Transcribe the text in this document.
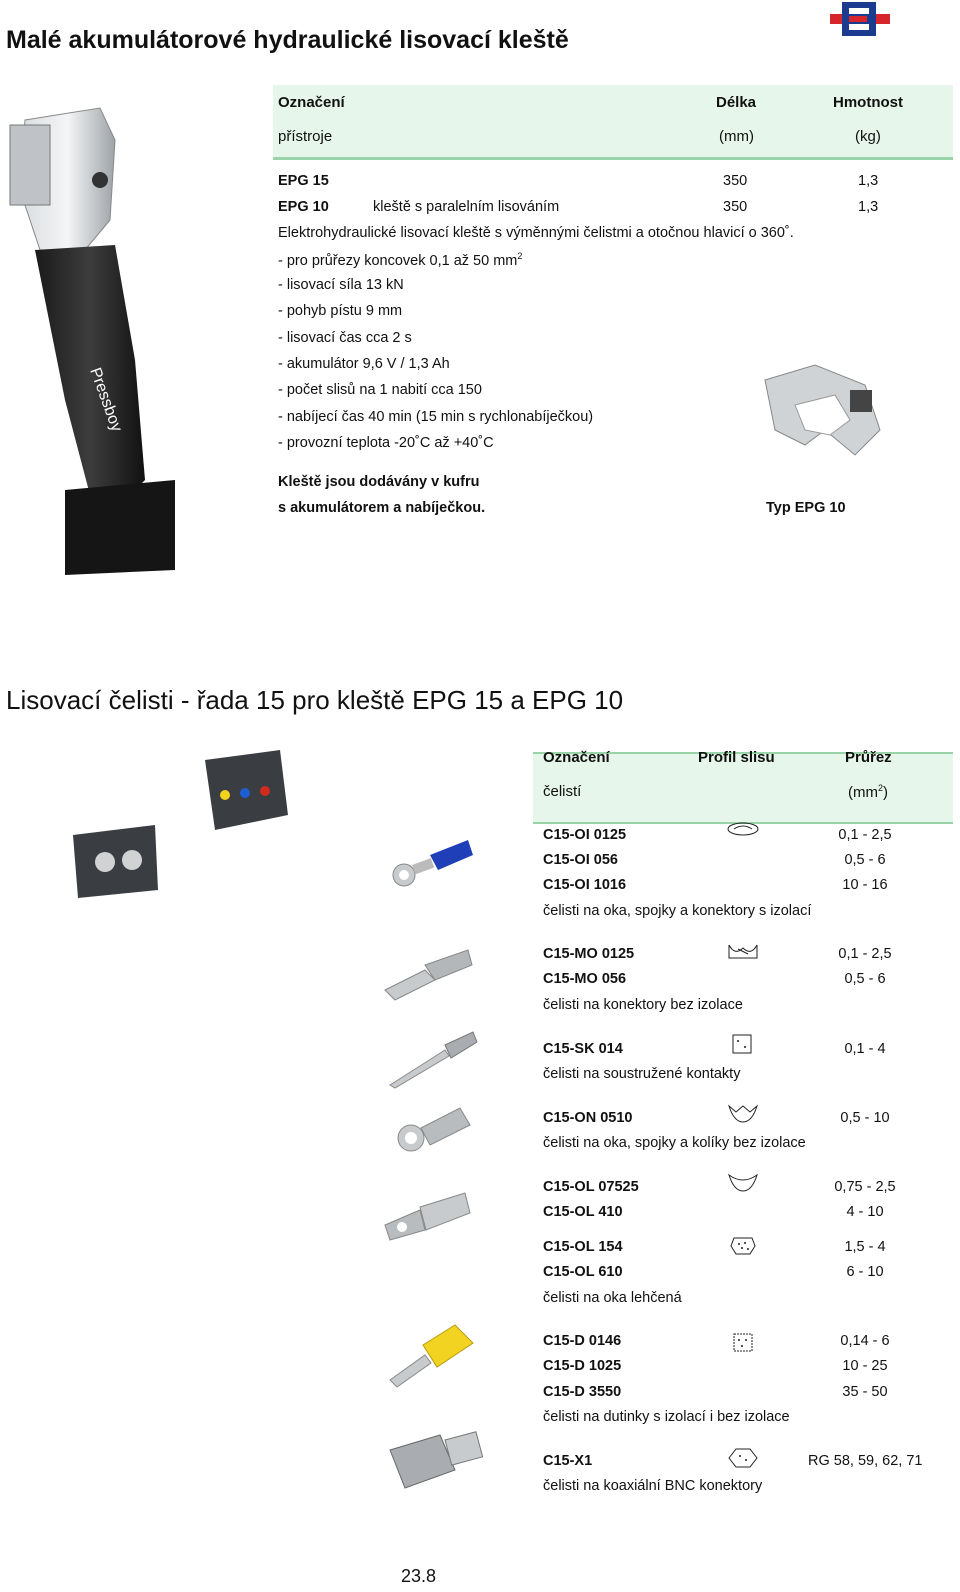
Malé akumulátorové hydraulické lisovací kleště
Pressboy
Označení
přístroje
Délka
(mm)
Hmotnost
(kg)
EPG 15	350	1,3
EPG 10	kleště s paralelním lisováním	350	1,3
Elektrohydraulické lisovací kleště s výměnnými čelistmi a otočnou hlavicí o 360˚.
- pro průřezy koncovek 0,1 až 50 $mm^2$
- lisovací síla 13 kN
- pohyb pístu 9 mm
- lisovací čas cca 2 s
- akumulátor 9,6 V / 1,3 Ah
- počet slisů na 1 nabití cca 150
- nabíjecí čas 40 min (15 min s rychlonabíječkou)
- provozní teplota -20˚C až +40˚C
Kleště jsou dodávány v kufru
s akumulátorem a nabíječkou.	Typ EPG 10
Lisovací čelisti - řada 15 pro kleště EPG 15 a EPG 10
Označení
čelistí
Profil slisu	Průřez
$(mm^2)$
C15-OI 0125	0,1 - 2,5
C15-OI 056	0,5 - 6
C15-OI 1016	10 - 16
čelisti na oka, spojky a konektory s izolací
C15-MO 0125	0,1 - 2,5
C15-MO 056	0,5 - 6
čelisti na konektory bez izolace
C15-SK 014	0,1 - 4
čelisti na soustružené kontakty
C15-ON 0510	0,5 - 10
čelisti na oka, spojky a kolíky bez izolace
C15-OL 07525	0,75 - 2,5
C15-OL 410	4 - 10
C15-OL 154	1,5 - 4
C15-OL 610	6 - 10
čelisti na oka lehčená
C15-D 0146	0,14 - 6
C15-D 1025	10 - 25
C15-D 3550	35 - 50
čelisti na dutinky s izolací i bez izolace
C15-X1	RG 58, 59, 62, 71
čelisti na koaxiální BNC konektory
23.8
